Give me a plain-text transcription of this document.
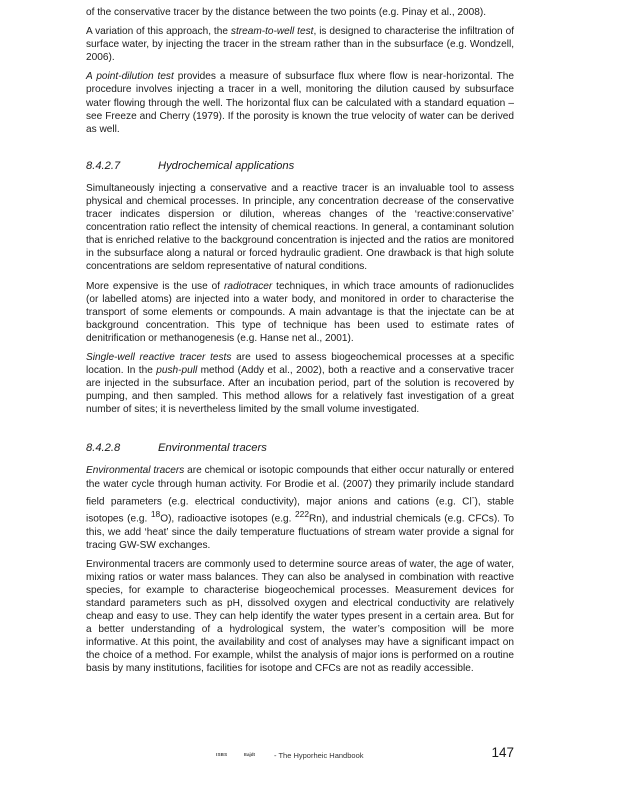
of the conservative tracer by the distance between the two points (e.g. Pinay et al., 2008).

A variation of this approach, the stream-to-well test, is designed to characterise the infiltration of surface water, by injecting the tracer in the stream rather than in the subsurface (e.g. Wondzell, 2006).

A point-dilution test provides a measure of subsurface flux where flow is near-horizontal. The procedure involves injecting a tracer in a well, monitoring the dilution caused by subsurface water flowing through the well. The horizontal flux can be calculated with a standard equation – see Freeze and Cherry (1979). If the porosity is known the true velocity of water can be derived as well.

8.4.2.7	Hydrochemical applications

Simultaneously injecting a conservative and a reactive tracer is an invaluable tool to assess physical and chemical processes. In principle, any concentration decrease of the conservative tracer indicates dispersion or dilution, whereas changes of the ‘reactive:conservative’ concentration ratio reflect the intensity of chemical reactions. In general, a contaminant solution that is enriched relative to the background concentration is injected and the ratios are monitored in the subsurface along a natural or forced hydraulic gradient. One drawback is that high solute concentrations are seldom representative of natural conditions.

More expensive is the use of radiotracer techniques, in which trace amounts of radionuclides (or labelled atoms) are injected into a water body, and monitored in order to characterise the transport of some elements or compounds. A main advantage is that the injectate can be at background concentration. This type of technique has been used to estimate rates of denitrification or methanogenesis (e.g. Hanse net al., 2001).

Single-well reactive tracer tests are used to assess biogeochemical processes at a specific location. In the push-pull method (Addy et al., 2002), both a reactive and a conservative tracer are injected in the subsurface. After an incubation period, part of the solution is recovered by pumping, and then sampled. This method allows for a relatively fast investigation of a great number of sites; it is nevertheless limited by the small volume investigated.

8.4.2.8	Environmental tracers

Environmental tracers are chemical or isotopic compounds that either occur naturally or entered the water cycle through human activity. For Brodie et al. (2007) they primarily include standard field parameters (e.g. electrical conductivity), major anions and cations (e.g. Cl-), stable isotopes (e.g. $^{18}$O), radioactive isotopes (e.g. $^{222}$Rn), and industrial chemicals (e.g. CFCs). To this, we add ‘heat’ since the daily temperature fluctuations of stream water provide a signal for tracing GW-SW exchanges.

Environmental tracers are commonly used to determine source areas of water, the age of water, mixing ratios or water mass balances. They can also be analysed in combination with reactive species, for example to characterise biogeochemical processes. Measurement devices for standard parameters such as pH, dissolved oxygen and electrical conductivity are relatively cheap and easy to use. They can help identify the water types present in a certain area. But for a better understanding of a hydrological system, the water’s composition will be more informative. At this point, the availability and cost of analyses may have a significant impact on the choice of a method. For example, whilst the analysis of major ions is performed on a routine basis by many institutions, facilities for isotope and CFCs are not as readily accessible.

ISBS	Eajdt	- The Hyporheic Handbook	147
